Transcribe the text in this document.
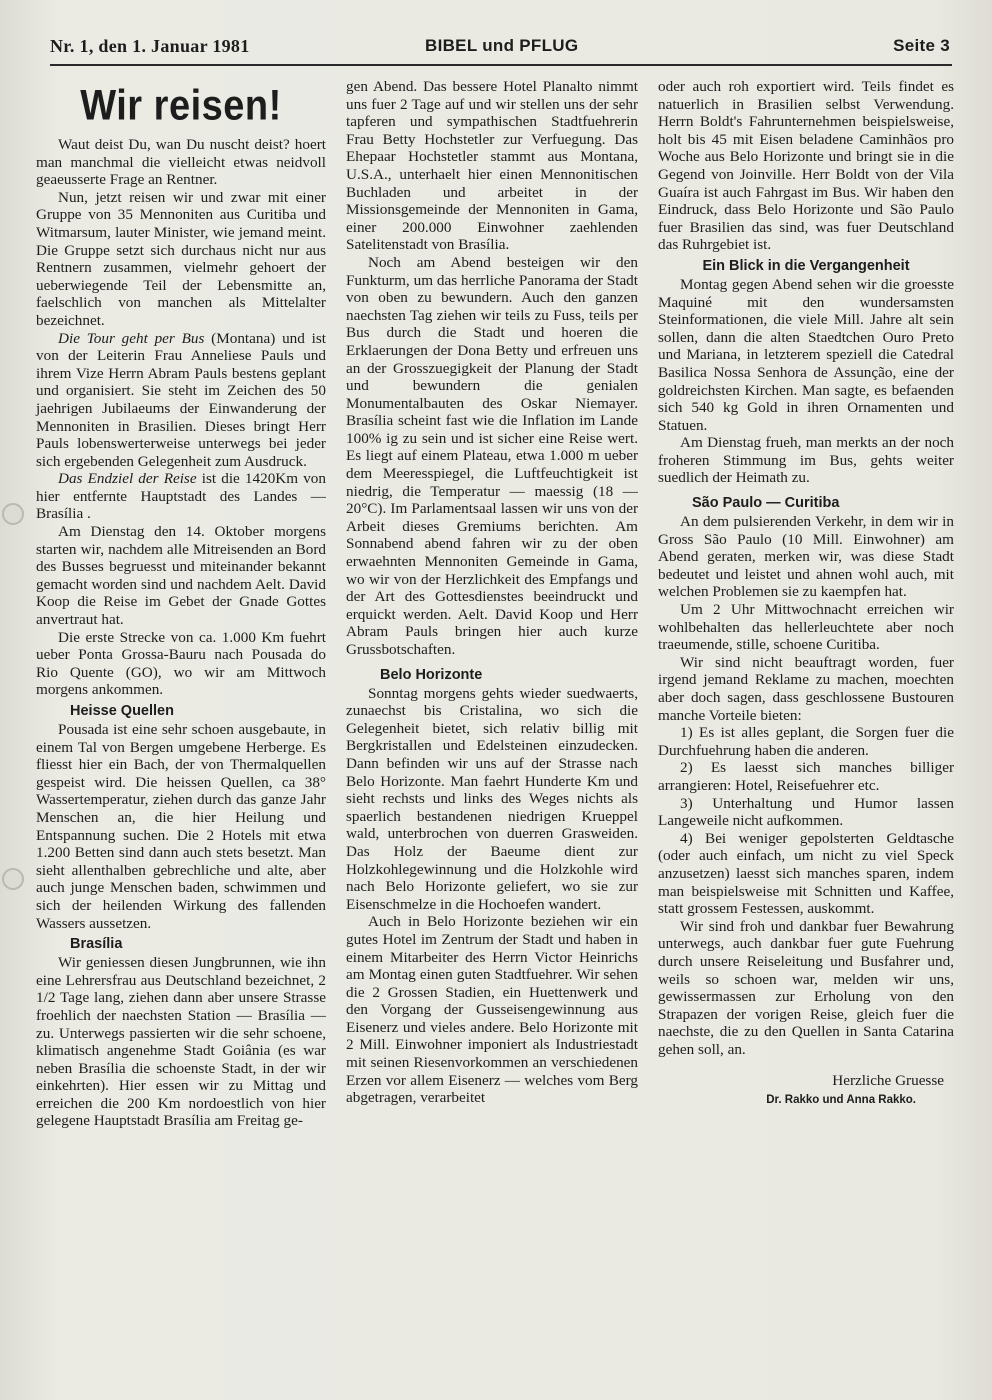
Nr. 1, den 1. Januar 1981	BIBEL und PFLUG	Seite 3
Wir reisen!

Waut deist Du, wan Du nuscht deist? hoert man manchmal die vielleicht etwas neidvoll geaeusserte Frage an Rentner.

Nun, jetzt reisen wir und zwar mit einer Gruppe von 35 Mennoniten aus Curitiba und Witmarsum, lauter Minister, wie jemand meint. Die Gruppe setzt sich durchaus nicht nur aus Rentnern zusammen, vielmehr gehoert der ueberwiegende Teil der Lebensmitte an, faelschlich von manchen als Mittelalter bezeichnet.

Die Tour geht per Bus (Montana) und ist von der Leiterin Frau Anneliese Pauls und ihrem Vize Herrn Abram Pauls bestens geplant und organisiert. Sie steht im Zeichen des 50 jaehrigen Jubilaeums der Einwanderung der Mennoniten in Brasilien. Dieses bringt Herr Pauls lobenswerterweise unterwegs bei jeder sich ergebenden Gelegenheit zum Ausdruck.

Das Endziel der Reise ist die 1420Km von hier entfernte Hauptstadt des Landes — Brasília .

Am Dienstag den 14. Oktober morgens starten wir, nachdem alle Mitreisenden an Bord des Busses begruesst und miteinander bekannt gemacht worden sind und nachdem Aelt. David Koop die Reise im Gebet der Gnade Gottes anvertraut hat.

Die erste Strecke von ca. 1.000 Km fuehrt ueber Ponta Grossa-Bauru nach Pousada do Rio Quente (GO), wo wir am Mittwoch morgens ankommen.

Heisse Quellen

Pousada ist eine sehr schoen ausgebaute, in einem Tal von Bergen umgebene Herberge. Es fliesst hier ein Bach, der von Thermalquellen gespeist wird. Die heissen Quellen, ca 38° Wassertemperatur, ziehen durch das ganze Jahr Menschen an, die hier Heilung und Entspannung suchen. Die 2 Hotels mit etwa 1.200 Betten sind dann auch stets besetzt. Man sieht allenthalben gebrechliche und alte, aber auch junge Menschen baden, schwimmen und sich der heilenden Wirkung des fallenden Wassers aussetzen.

Brasília

Wir geniessen diesen Jungbrunnen, wie ihn eine Lehrersfrau aus Deutschland bezeichnet, 2 1/2 Tage lang, ziehen dann aber unsere Strasse froehlich der naechsten Station — Brasília — zu. Unterwegs passierten wir die sehr schoene, klimatisch angenehme Stadt Goiânia (es war neben Brasília die schoenste Stadt, in der wir einkehrten). Hier essen wir zu Mittag und erreichen die 200 Km nordoestlich von hier gelegene Hauptstadt Brasília am Freitag ge-

gen Abend. Das bessere Hotel Planalto nimmt uns fuer 2 Tage auf und wir stellen uns der sehr tapferen und sympathischen Stadtfuehrerin Frau Betty Hochstetler zur Verfuegung. Das Ehepaar Hochstetler stammt aus Montana, U.S.A., unterhaelt hier einen Mennonitischen Buchladen und arbeitet in der Missionsgemeinde der Mennoniten in Gama, einer 200.000 Einwohner zaehlenden Satelitenstadt von Brasília.

Noch am Abend besteigen wir den Funkturm, um das herrliche Panorama der Stadt von oben zu bewundern. Auch den ganzen naechsten Tag ziehen wir teils zu Fuss, teils per Bus durch die Stadt und hoeren die Erklaerungen der Dona Betty und erfreuen uns an der Grosszuegigkeit der Planung der Stadt und bewundern die genialen Monumentalbauten des Oskar Niemayer. Brasília scheint fast wie die Inflation im Lande 100% ig zu sein und ist sicher eine Reise wert. Es liegt auf einem Plateau, etwa 1.000 m ueber dem Meeresspiegel, die Luftfeuchtigkeit ist niedrig, die Temperatur — maessig (18 — 20°C). Im Parlamentsaal lassen wir uns von der Arbeit dieses Gremiums berichten. Am Sonnabend abend fahren wir zu der oben erwaehnten Mennoniten Gemeinde in Gama, wo wir von der Herzlichkeit des Empfangs und der Art des Gottesdienstes beeindruckt und erquickt werden. Aelt. David Koop und Herr Abram Pauls bringen hier auch kurze Grussbotschaften.

Belo Horizonte

Sonntag morgens gehts wieder suedwaerts, zunaechst bis Cristalina, wo sich die Gelegenheit bietet, sich relativ billig mit Bergkristallen und Edelsteinen einzudecken. Dann befinden wir uns auf der Strasse nach Belo Horizonte. Man faehrt Hunderte Km und sieht rechsts und links des Weges nichts als spaerlich bestandenen niedrigen Krueppel wald, unterbrochen von duerren Grasweiden. Das Holz der Baeume dient zur Holzkohlegewinnung und die Holzkohle wird nach Belo Horizonte geliefert, wo sie zur Eisenschmelze in die Hochoefen wandert.

Auch in Belo Horizonte beziehen wir ein gutes Hotel im Zentrum der Stadt und haben in einem Mitarbeiter des Herrn Victor Heinrichs am Montag einen guten Stadtfuehrer. Wir sehen die 2 Grossen Stadien, ein Huettenwerk und den Vorgang der Gusseisengewinnung aus Eisenerz und vieles andere. Belo Horizonte mit 2 Mill. Einwohner imponiert als Industriestadt mit seinen Riesenvorkommen an verschiedenen Erzen vor allem Eisenerz — welches vom Berg abgetragen, verarbeitet

oder auch roh exportiert wird. Teils findet es natuerlich in Brasilien selbst Verwendung. Herrn Boldt's Fahrunternehmen beispielsweise, holt bis 45 mit Eisen beladene Caminhãos pro Woche aus Belo Horizonte und bringt sie in die Gegend von Joinville. Herr Boldt von der Vila Guaíra ist auch Fahrgast im Bus. Wir haben den Eindruck, dass Belo Horizonte und São Paulo fuer Brasilien das sind, was fuer Deutschland das Ruhrgebiet ist.

Ein Blick in die Vergangenheit

Montag gegen Abend sehen wir die groesste Maquiné mit den wundersamsten Steinformationen, die viele Mill. Jahre alt sein sollen, dann die alten Staedtchen Ouro Preto und Mariana, in letzterem speziell die Catedral Basilica Nossa Senhora de Assunção, eine der goldreichsten Kirchen. Man sagte, es befaenden sich 540 kg Gold in ihren Ornamenten und Statuen.

Am Dienstag frueh, man merkts an der noch froheren Stimmung im Bus, gehts weiter suedlich der Heimath zu.

São Paulo — Curitiba

An dem pulsierenden Verkehr, in dem wir in Gross São Paulo (10 Mill. Einwohner) am Abend geraten, merken wir, was diese Stadt bedeutet und leistet und ahnen wohl auch, mit welchen Problemen sie zu kaempfen hat.

Um 2 Uhr Mittwochnacht erreichen wir wohlbehalten das hellerleuchtete aber noch traeumende, stille, schoene Curitiba.

Wir sind nicht beauftragt worden, fuer irgend jemand Reklame zu machen, moechten aber doch sagen, dass geschlossene Bustouren manche Vorteile bieten:

1) Es ist alles geplant, die Sorgen fuer die Durchfuehrung haben die anderen.

2) Es laesst sich manches billiger arrangieren: Hotel, Reisefuehrer etc.

3) Unterhaltung und Humor lassen Langeweile nicht aufkommen.

4) Bei weniger gepolsterten Geldtasche (oder auch einfach, um nicht zu viel Speck anzusetzen) laesst sich manches sparen, indem man beispielsweise mit Schnitten und Kaffee, statt grossem Festessen, auskommt.

Wir sind froh und dankbar fuer Bewahrung unterwegs, auch dankbar fuer gute Fuehrung durch unsere Reiseleitung und Busfahrer und, weils so schoen war, melden wir uns, gewissermassen zur Erholung von den Strapazen der vorigen Reise, gleich fuer die naechste, die zu den Quellen in Santa Catarina gehen soll, an.

Herzliche Gruesse
Dr. Rakko und Anna Rakko.
